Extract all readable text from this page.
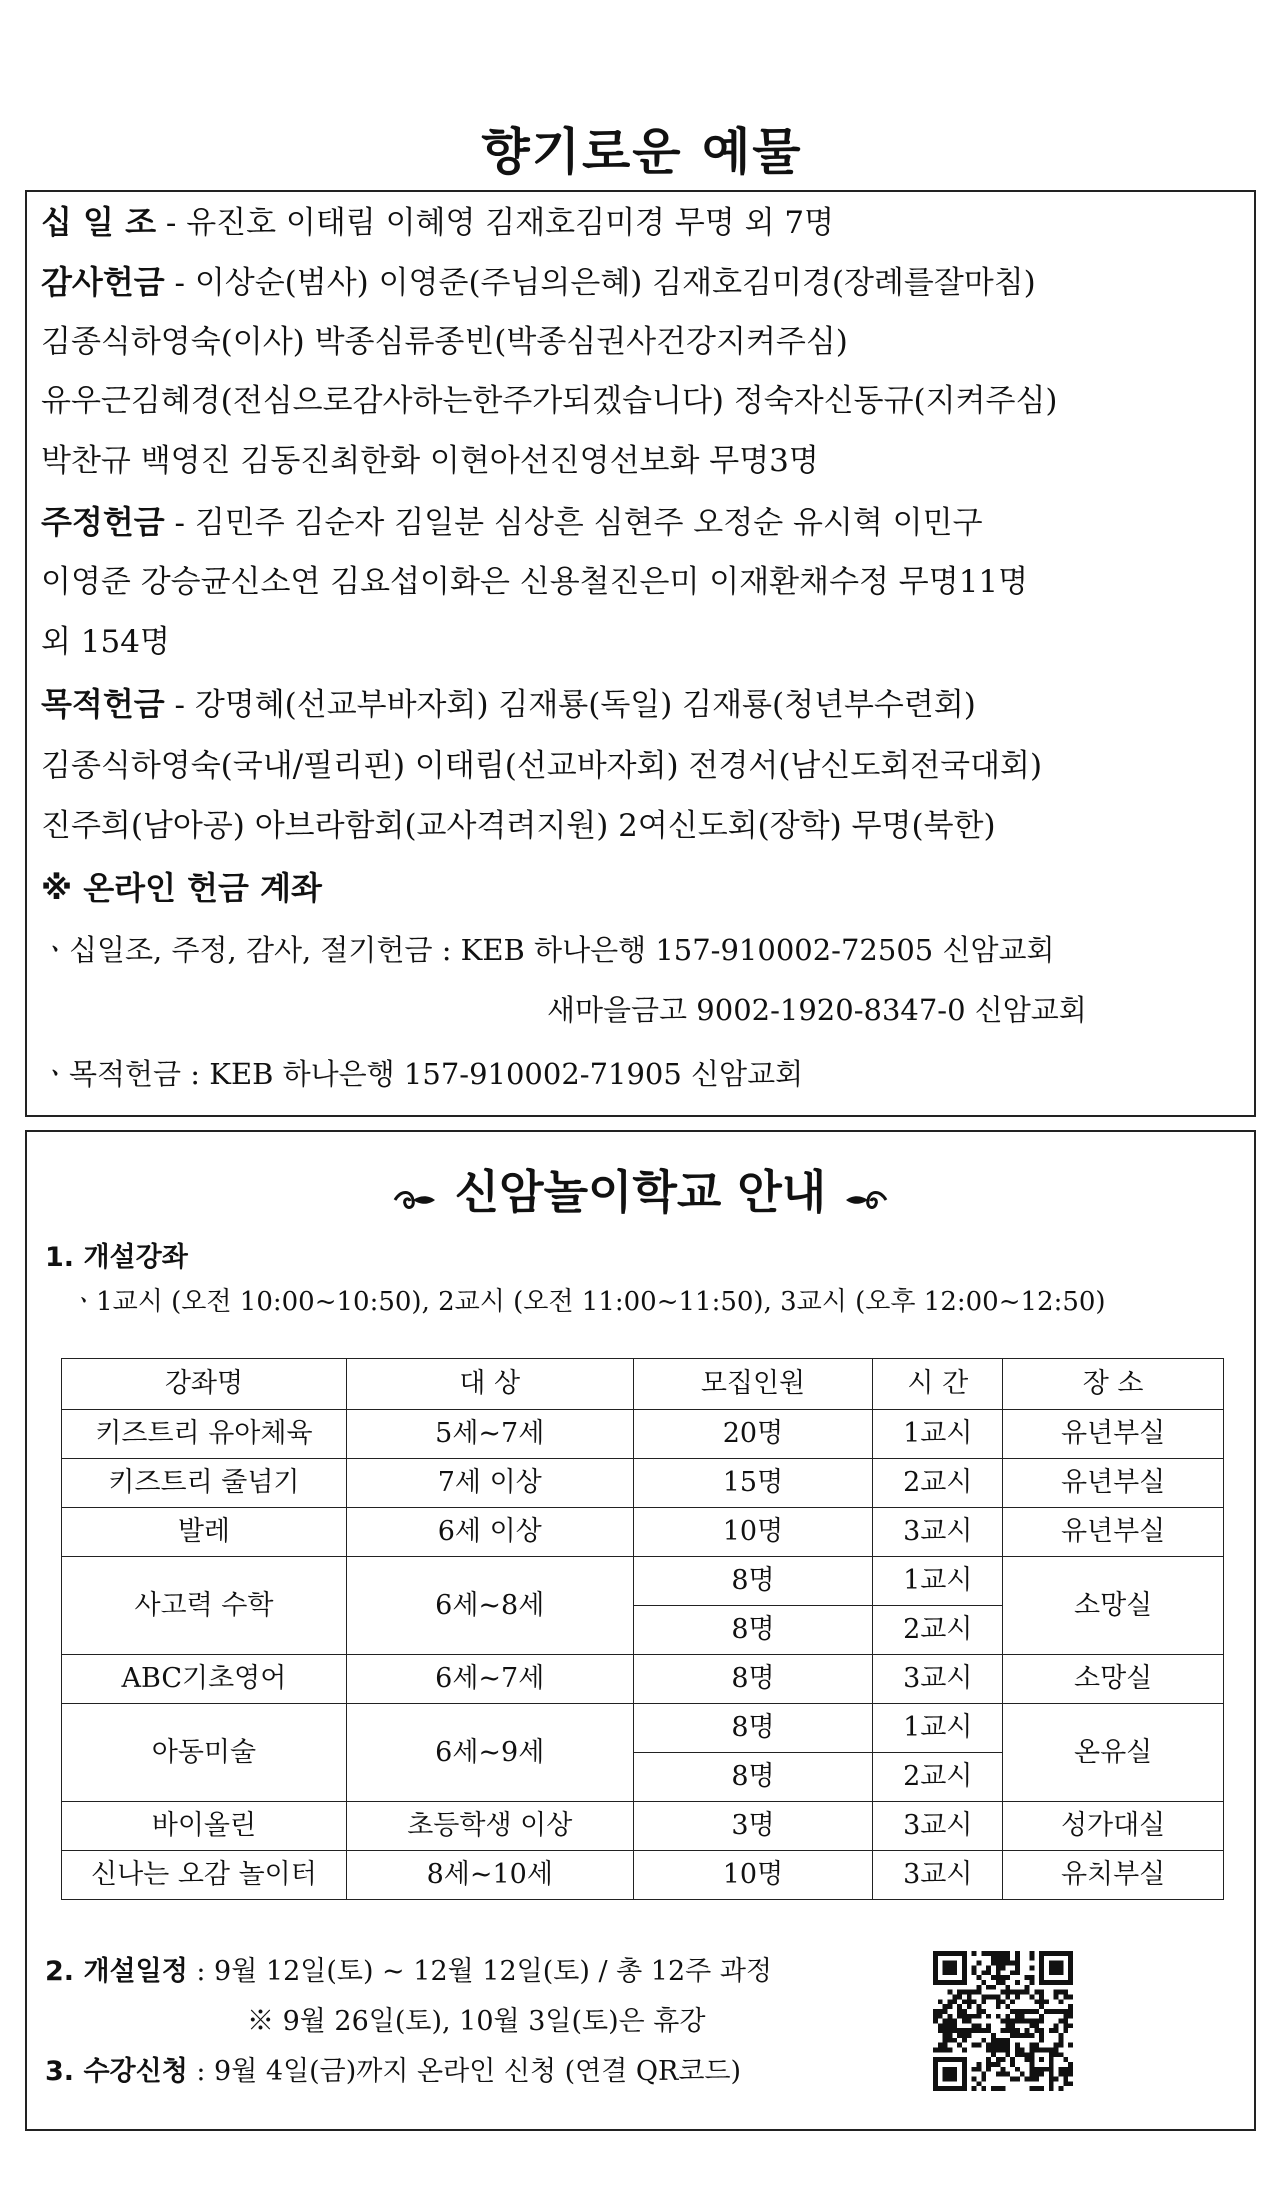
향기로운 예물
십 일 조 - 유진호 이태림 이혜영 김재호김미경 무명 외 7명
감사헌금 - 이상순(범사) 이영준(주님의은혜) 김재호김미경(장례를잘마침)
김종식하영숙(이사) 박종심류종빈(박종심권사건강지켜주심)
유우근김혜경(전심으로감사하는한주가되겠습니다) 정숙자신동규(지켜주심)
박찬규 백영진 김동진최한화 이현아선진영선보화 무명3명
주정헌금 - 김민주 김순자 김일분 심상흔 심현주 오정순 유시혁 이민구
이영준 강승균신소연 김요섭이화은 신용철진은미 이재환채수정 무명11명
외 154명
목적헌금 - 강명혜(선교부바자회) 김재룡(독일) 김재룡(청년부수련회)
김종식하영숙(국내/필리핀) 이태림(선교바자회) 전경서(남신도회전국대회)
진주희(남아공) 아브라함회(교사격려지원) 2여신도회(장학) 무명(북한)
※ 온라인 헌금 계좌
ㆍ십일조, 주정, 감사, 절기헌금 : KEB 하나은행 157-910002-72505 신암교회
새마을금고 9002-1920-8347-0 신암교회
ㆍ목적헌금 : KEB 하나은행 157-910002-71905 신암교회
신암놀이학교 안내
1. 개설강좌
ㆍ1교시 (오전 10:00~10:50), 2교시 (오전 11:00~11:50), 3교시 (오후 12:00~12:50)
강좌명	대 상	모집인원	시 간	장 소
키즈트리 유아체육	5세~7세	20명	1교시	유년부실
키즈트리 줄넘기	7세 이상	15명	2교시	유년부실
발레	6세 이상	10명	3교시	유년부실
사고력 수학	6세~8세	8명	1교시	소망실
		8명	2교시	
ABC기초영어	6세~7세	8명	3교시	소망실
아동미술	6세~9세	8명	1교시	온유실
		8명	2교시	
바이올린	초등학생 이상	3명	3교시	성가대실
신나는 오감 놀이터	8세~10세	10명	3교시	유치부실
2. 개설일정 : 9월 12일(토) ~ 12월 12일(토) / 총 12주 과정
※ 9월 26일(토), 10월 3일(토)은 휴강
3. 수강신청 : 9월 4일(금)까지 온라인 신청 (연결 QR코드)
